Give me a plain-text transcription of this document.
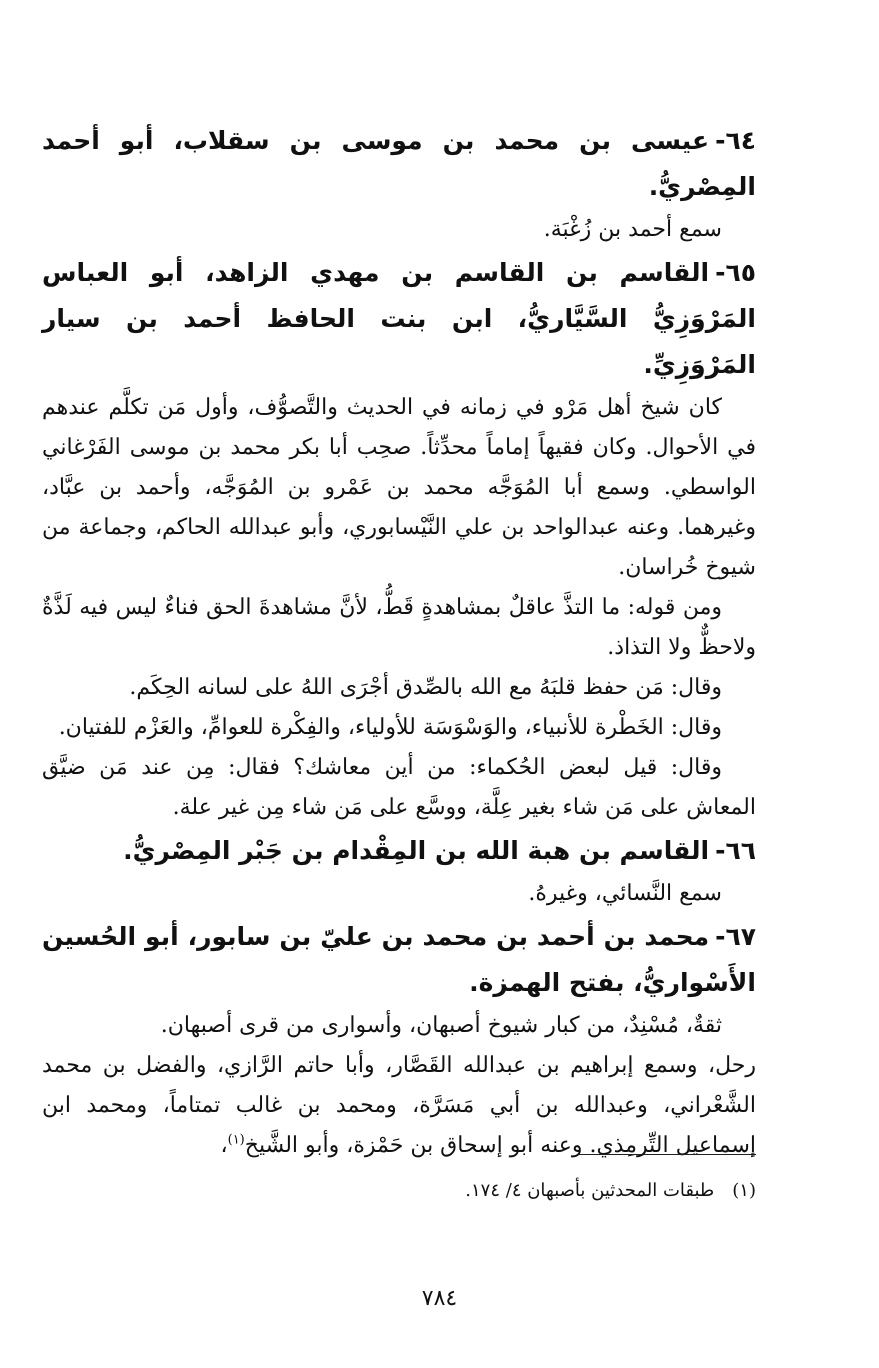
٦٤-عيسى بن محمد بن موسى بن سقلاب، أبو أحمد المِصْريُّ.

سمع أحمد بن زُغْبَة.

٦٥-القاسم بن القاسم بن مهدي الزاهد، أبو العباس المَرْوَزِيُّ السَّيَّاريُّ، ابن بنت الحافظ أحمد بن سيار المَرْوَزِيِّ.

كان شيخ أهل مَرْو في زمانه في الحديث والتَّصوُّف، وأول مَن تكلَّم عندهم في الأحوال. وكان فقيهاً إماماً محدِّثاً. صحِب أبا بكر محمد بن موسى الفَرْغاني الواسطي. وسمع أبا المُوَجَّه محمد بن عَمْرو بن المُوَجَّه، وأحمد بن عبَّاد، وغيرهما. وعنه عبدالواحد بن علي النَّيْسابوري، وأبو عبدالله الحاكم، وجماعة من شيوخ خُراسان.

ومن قوله: ما التذَّ عاقلٌ بمشاهدةٍ قَطُّ، لأنَّ مشاهدةَ الحق فناءٌ ليس فيه لَذَّةٌ ولاحظٌّ ولا التذاذ.

وقال: مَن حفظ قلبَهُ مع الله بالصِّدق أجْرَى اللهُ على لسانه الحِكَم.

وقال: الخَطْرة للأنبياء، والوَسْوَسَة للأولياء، والفِكْرة للعوامِّ، والعَزْم للفتيان.

وقال: قيل لبعض الحُكماء: من أين معاشك؟ فقال: مِن عند مَن ضيَّق المعاش على مَن شاء بغير عِلَّة، ووسَّع على مَن شاء مِن غير علة.

٦٦-القاسم بن هبة الله بن المِقْدام بن جَبْر المِصْريُّ.

سمع النَّسائي، وغيرهُ.

٦٧-محمد بن أحمد بن محمد بن عليّ بن سابور، أبو الحُسين الأَسْواريُّ، بفتح الهمزة.

ثقةٌ، مُسْنِدٌ، من كبار شيوخ أصبهان، وأسوارى من قرى أصبهان.

رحل، وسمع إبراهيم بن عبدالله القَصَّار، وأبا حاتم الرَّازي، والفضل بن محمد الشَّعْراني، وعبدالله بن أبي مَسَرَّة، ومحمد بن غالب تمتاماً، ومحمد ابن إسماعيل التِّرمِذي. وعنه أبو إسحاق بن حَمْزة، وأبو الشَّيخ$^{(١)}$،

(١)طبقات المحدثين بأصبهان ٤/ ١٧٤.

٧٨٤
